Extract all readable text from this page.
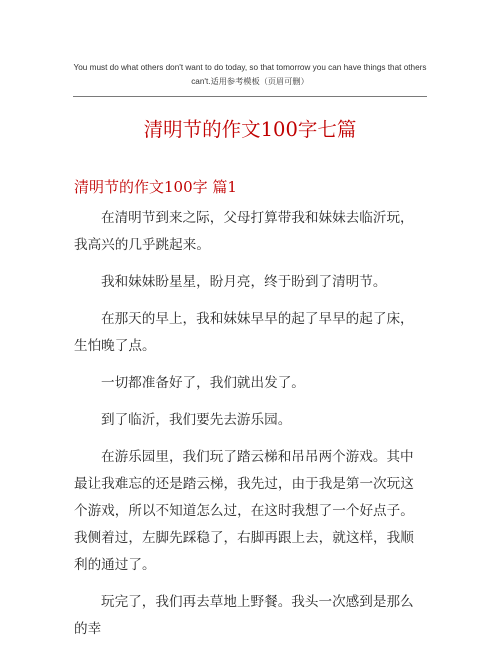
You must do what others don't want to do today, so that tomorrow you can have things that others can't.适用参考模板（页眉可删）
清明节的作文100字七篇
清明节的作文100字 篇1

在清明节到来之际，父母打算带我和妹妹去临沂玩，我高兴的几乎跳起来。

我和妹妹盼星星，盼月亮，终于盼到了清明节。

在那天的早上，我和妹妹早早的起了早早的起了床，生怕晚了点。

一切都准备好了，我们就出发了。

到了临沂，我们要先去游乐园。

在游乐园里，我们玩了踏云梯和吊吊两个游戏。其中最让我难忘的还是踏云梯，我先过，由于我是第一次玩这个游戏，所以不知道怎么过，在这时我想了一个好点子。我侧着过，左脚先踩稳了，右脚再跟上去，就这样，我顺利的通过了。

玩完了，我们再去草地上野餐。我头一次感到是那么的幸
